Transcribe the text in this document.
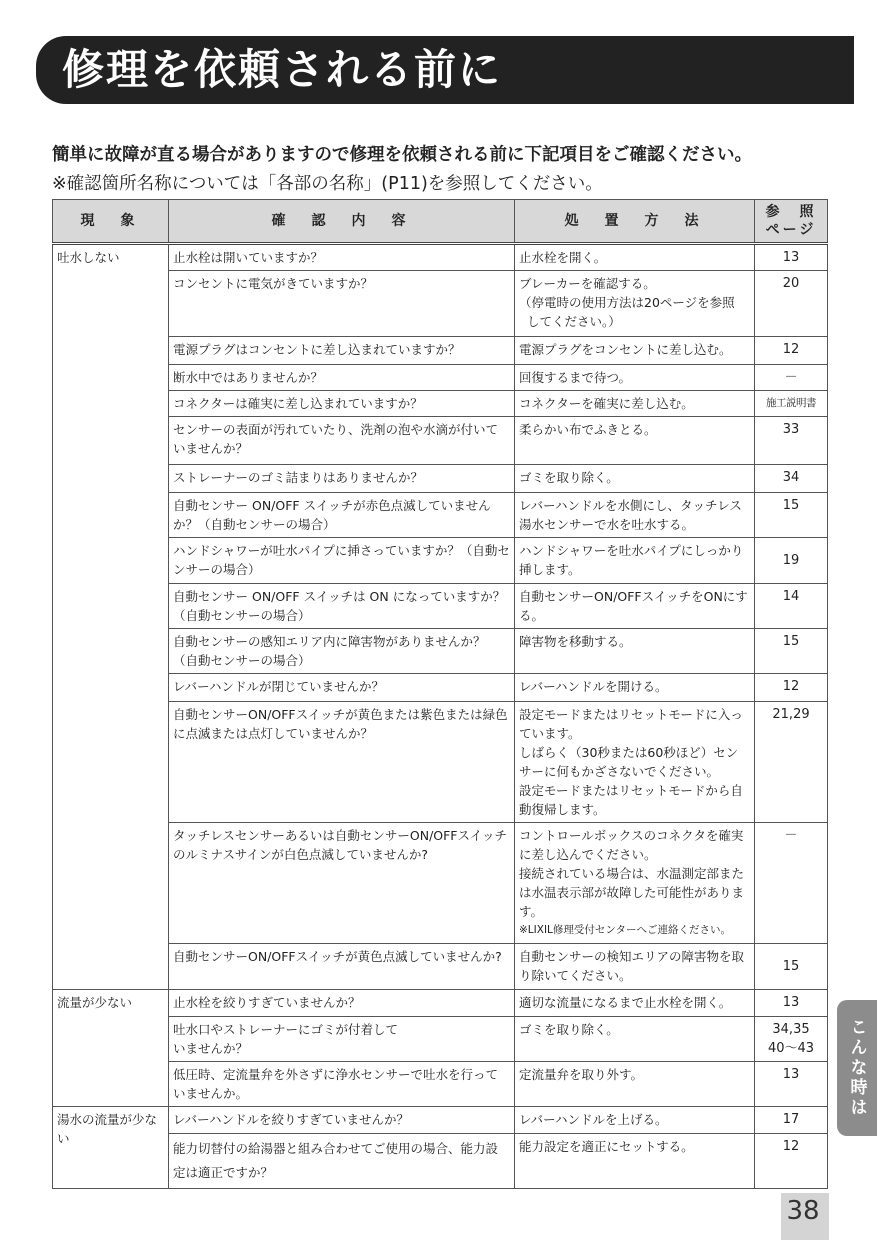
修理を依頼される前に
簡単に故障が直る場合がありますので修理を依頼される前に下記項目をご確認ください。
※確認箇所名称については「各部の名称」(P11)を参照してください。
現　象	確　認　内　容	処　置　方　法	参　照
ページ

吐水しない	止水栓は開いていますか？	止水栓を開く。	13
	コンセントに電気がきていますか？	ブレーカーを確認する。
（停電時の使用方法は20ページを参照
してください。）	20
	電源プラグはコンセントに差し込まれていますか？	電源プラグをコンセントに差し込む。	12
	断水中ではありませんか？	回復するまで待つ。	－
	コネクターは確実に差し込まれていますか？	コネクターを確実に差し込む。	施工説明書
	センサーの表面が汚れていたり、洗剤の泡や水滴が付いていませんか？	柔らかい布でふきとる。	33
	ストレーナーのゴミ詰まりはありませんか？	ゴミを取り除く。	34
	自動センサー ON/OFF スイッチが赤色点滅していませんか？（自動センサーの場合）	レバーハンドルを水側にし、タッチレス湯水センサーで水を吐水する。	15
	ハンドシャワーが吐水パイプに挿さっていますか？（自動センサーの場合）	ハンドシャワーを吐水パイプにしっかり挿します。	19
	自動センサー ON/OFF スイッチは ON になっていますか？（自動センサーの場合）	自動センサーON/OFFスイッチをONにする。	14
	自動センサーの感知エリア内に障害物がありませんか？（自動センサーの場合）	障害物を移動する。	15
	レバーハンドルが閉じていませんか？	レバーハンドルを開ける。	12
	自動センサーON/OFFスイッチが黄色または紫色または緑色に点滅または点灯していませんか？	設定モードまたはリセットモードに入っています。
しばらく（30秒または60秒ほど）センサーに何もかざさないでください。
設定モードまたはリセットモードから自動復帰します。	21,29
	タッチレスセンサーあるいは自動センサーON/OFFスイッチのルミナスサインが白色点滅していませんか?	コントロールボックスのコネクタを確実に差し込んでください。
接続されている場合は、水温測定部または水温表示部が故障した可能性があります。
※LIXIL修理受付センターへご連絡ください。	－
	自動センサーON/OFFスイッチが黄色点滅していませんか?	自動センサーの検知エリアの障害物を取り除いてください。	15
流量が少ない	止水栓を絞りすぎていませんか？	適切な流量になるまで止水栓を開く。	13

	吐水口やストレーナーにゴミが付着して
いませんか？	ゴミを取り除く。	34,35
40～43

	低圧時、定流量弁を外さずに浄水センサーで吐水を行っていませんか。	定流量弁を取り外す。	13
湯水の流量が少ない	レバーハンドルを絞りすぎていませんか？	レバーハンドルを上げる。	17
	能力切替付の給湯器と組み合わせてご使用の場合、能力設定は適正ですか？	能力設定を適正にセットする。	12
こんな時は
38
